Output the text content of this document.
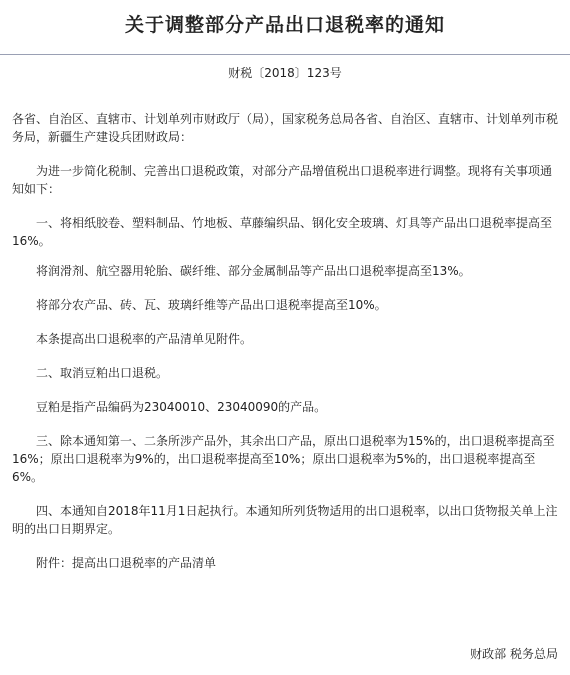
关于调整部分产品出口退税率的通知
财税〔2018〕123号

各省、自治区、直辖市、计划单列市财政厅（局），国家税务总局各省、自治区、直辖市、计划单列市税务局，新疆生产建设兵团财政局：

为进一步简化税制、完善出口退税政策，对部分产品增值税出口退税率进行调整。现将有关事项通知如下：

一、将相纸胶卷、塑料制品、竹地板、草藤编织品、钢化安全玻璃、灯具等产品出口退税率提高至16%。

将润滑剂、航空器用轮胎、碳纤维、部分金属制品等产品出口退税率提高至13%。

将部分农产品、砖、瓦、玻璃纤维等产品出口退税率提高至10%。

本条提高出口退税率的产品清单见附件。

二、取消豆粕出口退税。

豆粕是指产品编码为23040010、23040090的产品。

三、除本通知第一、二条所涉产品外，其余出口产品，原出口退税率为15%的，出口退税率提高至16%；原出口退税率为9%的，出口退税率提高至10%；原出口退税率为5%的，出口退税率提高至6%。

四、本通知自2018年11月1日起执行。本通知所列货物适用的出口退税率，以出口货物报关单上注明的出口日期界定。

附件：提高出口退税率的产品清单

财政部 税务总局
